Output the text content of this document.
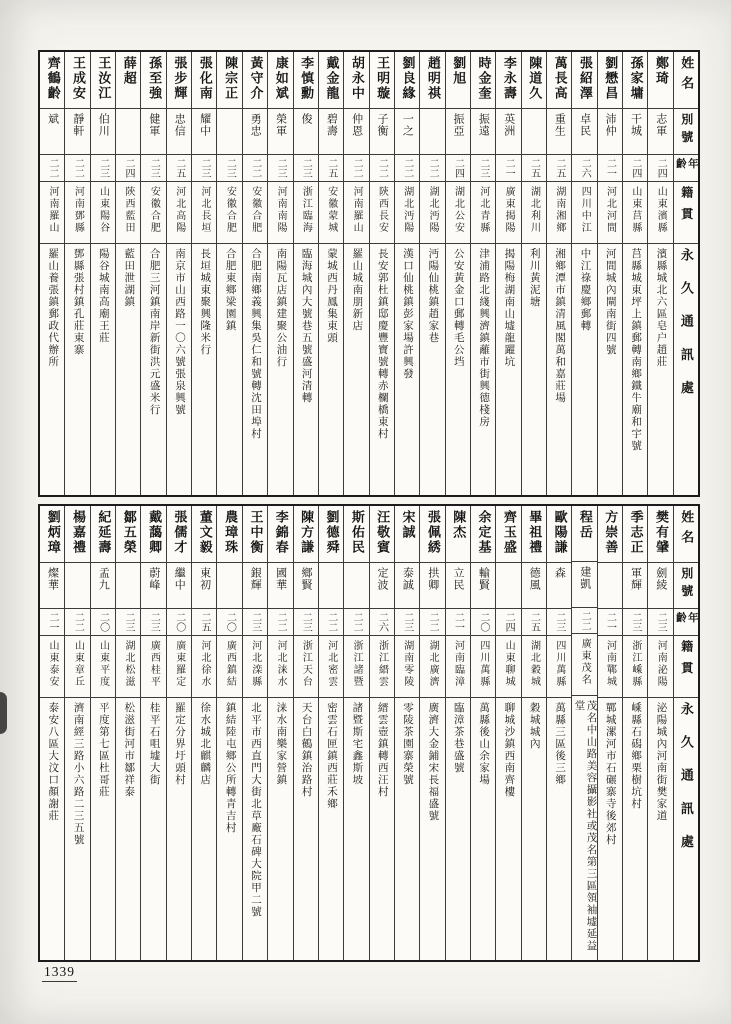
姓名
別號
年齡
籍貫
永久通訊處
鄭琦
志軍
二四
山東濱縣
濱縣城北六區皂户趙莊
孫家墉
干城
二四
山東莒縣
莒縣城東坪上鎮郵轉南鄉鐵牛廟和宇號
劉懋昌
沛仲
二一
河北河間
河間城內閘南街四號
張紹澤
卓民
二六
四川中江
中江祿慶鄉郵轉
萬長高
重生
二五
湖南湘鄉
湘鄉潭市鎮清風閣萬和嘉莊場
陳道久
二五
湖北利川
利川黃泥塘
李永壽
英洲
二一
廣東揭陽
揭陽梅湖南山墟龍躍坑
時金奎
振遠
二三
河北青縣
津浦路北綫興濟鎮蘺市街興德棧房
劉旭
振亞
二四
湖北公安
公安黃金口郵轉毛公垱
趙明祺
二二
湖北沔陽
沔陽仙桃鎮趙家巷
劉良緣
一之
二二
湖北沔陽
漢口仙桃鎮彭家場許興發
王明璇
子衡
二二
陝西長安
長安郭杜鎮邸慶豐寶號轉赤欄橋東村
胡永中
仲恩
二二
河南羅山
羅山城南朋新店
戴金龍
碧壽
二五
安徽蒙城
蒙城西丹鳳集東頭
李慎勳
俊
二三
浙江臨海
臨海城內大號巷五號盛河清轉
康如斌
榮軍
二三
河南南陽
南陽瓦店鎮建聚公油行
黃守介
勇忠
二二
安徽合肥
合肥南鄉義興集吳仁和號轉沈田埠村
陳宗正
二三
安徽合肥
合肥東鄉梁園鎮
張化南
耀中
二三
河北長垣
長垣城東聚興隆米行
張步輝
忠信
二五
河北高陽
南京市山西路一〇六號張泉興號
孫至強
健軍
二三
安徽合肥
合肥三河鎮南岸新街洪元盛米行
薛超
二四
陝西藍田
藍田泄湖鎮
王汝江
伯川
二三
山東陽谷
陽谷城南高廟王莊
王成安
靜軒
二二
河南鄧縣
鄧縣張村鎮孔莊東寨
齊鶴齡
斌
二二
河南羅山
羅山養張鎮郵政代辦所
姓名
別號
年齡
籍貫
永久通訊處
樊有肈
劍綾
二三
河南泌陽
泌陽城內河南街樊家道
季志正
軍輝
二三
浙江嵊縣
嵊縣石磶鄉栗樹坑村
方崇善
二一
河南鄲城
鄲城漯河市石碾寨寺後郊村
程岳
建凱
二二
廣東茂名
茂名中山路美容攝影社或茂名第三區領袖墟延益堂
歐陽謙
森
二三
四川萬縣
萬縣三區後三鄉
畢祖禮
德風
二五
湖北穀城
穀城城內
齊玉盛
二四
山東聊城
聊城沙鎮西南齊樓
余定基
輸賢
二〇
四川萬縣
萬縣後山余家場
陳杰
立民
二一
河南臨漳
臨漳茶巷盛號
張佩綉
拱卿
二二
湖北廣濟
廣濟大金鋪宋長福盛號
宋誠
泰誠
二三
湖南零陵
零陵茶園寨榮號
汪敬賓
定波
二六
浙江縉雲
縉雲壺鎮轉西汪村
斯佑民
二二
浙江諸暨
諸暨斯宅鑫斯坡
劉德舜
二二
河北密雲
密雲石匣鎮西莊禾鄉
陳方謙
鄉賢
二三
浙江天台
天台白鶴鎮治路村
李錦春
國華
二二
河北涞水
涞水南樂家營鎮
王中衡
銀輝
二三
河北滦縣
北平市西直門大街北草廠石碑大院甲二號
農璋珠
二〇
廣西鎮結
鎮結陸屯鄉公所轉青吉村
董文毅
東初
二五
河北徐水
徐水城北麒麟店
張儒才
繼中
二〇
廣東羅定
羅定分界圩頭村
戴藹卿
蔚峰
二三
廣西桂平
桂平石咀墟大街
鄒五榮
二三
湖北松滋
松滋街河市鄒祥泰
紀延壽
孟九
二〇
山東平度
平度第七區杜哥莊
楊嘉禮
二二
山東章丘
濟南經三路小六路二三五號
劉炳璋
燦華
二一
山東泰安
泰安八區大汶口顏謝莊
1339
